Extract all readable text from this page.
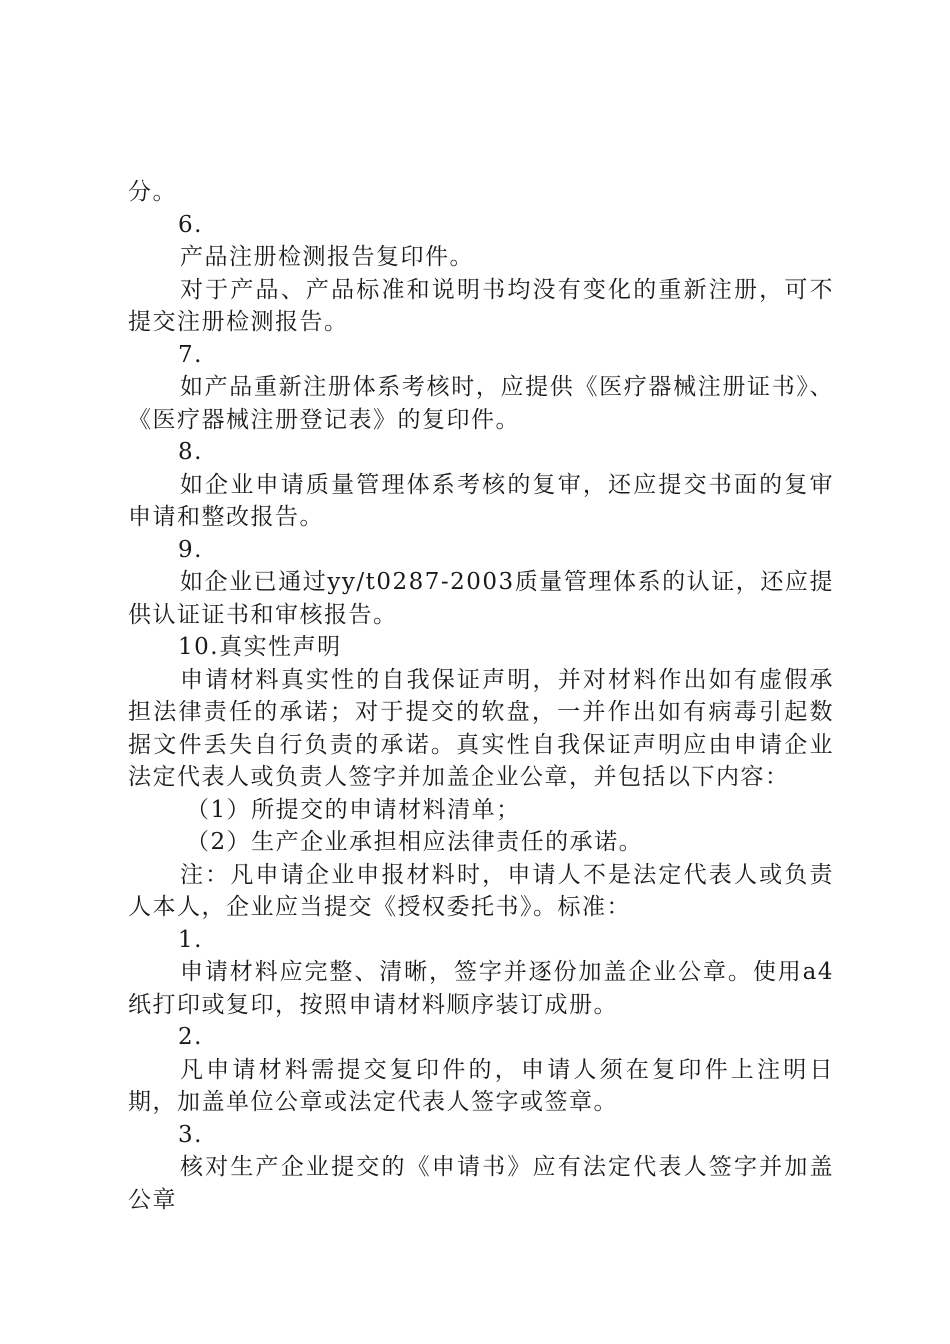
分。

6.

产品注册检测报告复印件。

对于产品、产品标准和说明书均没有变化的重新注册，可不提交注册检测报告。

7.

如产品重新注册体系考核时，应提供《医疗器械注册证书》、《医疗器械注册登记表》的复印件。

8.

如企业申请质量管理体系考核的复审，还应提交书面的复审申请和整改报告。

9.

如企业已通过yy/t0287-2003质量管理体系的认证，还应提供认证证书和审核报告。

10.真实性声明

申请材料真实性的自我保证声明，并对材料作出如有虚假承担法律责任的承诺；对于提交的软盘，一并作出如有病毒引起数据文件丢失自行负责的承诺。真实性自我保证声明应由申请企业法定代表人或负责人签字并加盖企业公章，并包括以下内容：

（1）所提交的申请材料清单；

（2）生产企业承担相应法律责任的承诺。

注：凡申请企业申报材料时，申请人不是法定代表人或负责人本人，企业应当提交《授权委托书》。标准：

1.

申请材料应完整、清晰，签字并逐份加盖企业公章。使用a4纸打印或复印，按照申请材料顺序装订成册。

2.

凡申请材料需提交复印件的，申请人须在复印件上注明日期，加盖单位公章或法定代表人签字或签章。

3.

核对生产企业提交的《申请书》应有法定代表人签字并加盖公章
